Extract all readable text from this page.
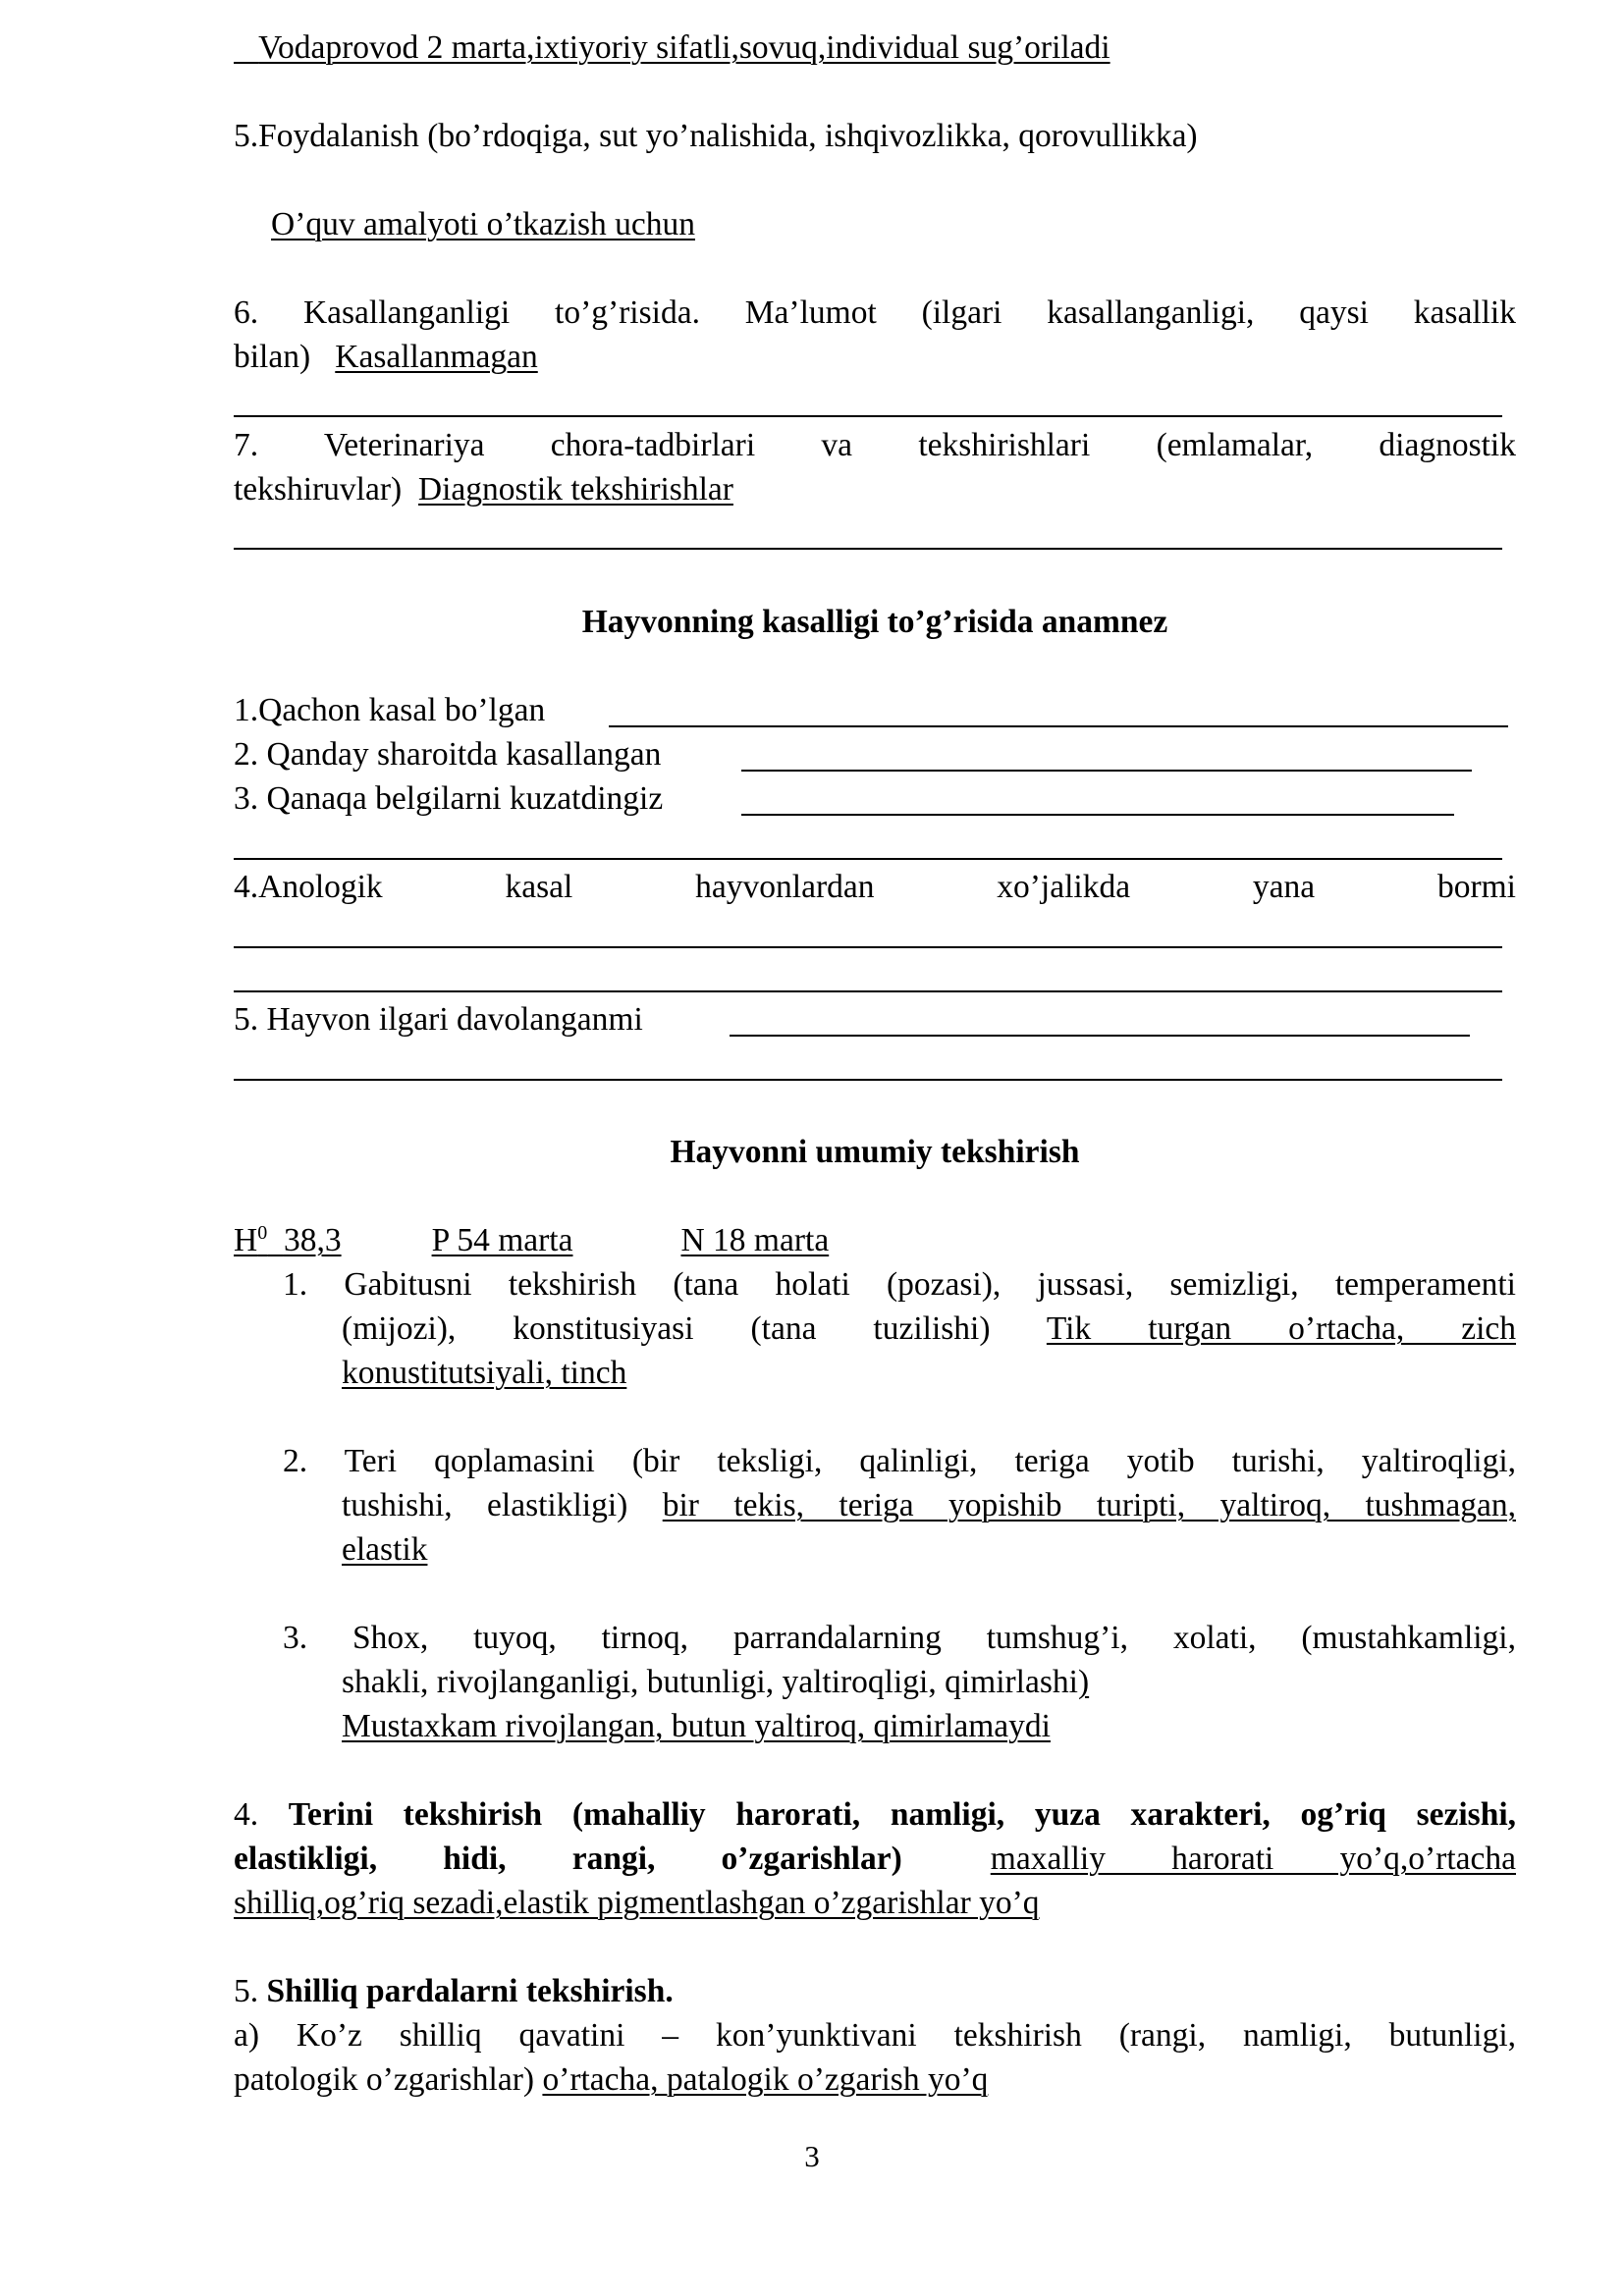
Vodaprovod 2 marta,ixtiyoriy sifatli,sovuq,individual sug’oriladi
5.Foydalanish (bo’rdoqiga, sut yo’nalishida, ishqivozlikka, qorovullikka)
O’quv amalyoti o’tkazish uchun
6. Kasallanganligi to’g’risida. Ma’lumot (ilgari kasallanganligi, qaysi kasallik
bilan) Kasallanmagan
7. Veterinariya chora-tadbirlari va tekshirishlari (emlamalar, diagnostik
tekshiruvlar) Diagnostik tekshirishlar
Hayvonning kasalligi to’g’risida anamnez
1.Qachon kasal bo’lgan
2. Qanday sharoitda kasallangan
3. Qanaqa belgilarni kuzatdingiz
4.Anologik kasal hayvonlardan xo’jalikda yana bormi
5. Hayvon ilgari davolanganmi
Hayvonni umumiy tekshirish
$H^0$ 38,3	P 54 marta	N 18 marta
1. Gabitusni tekshirish (tana holati (pozasi), jussasi, semizligi, temperamenti
(mijozi), konstitusiyasi (tana tuzilishi) Tik turgan o’rtacha, zich
konustitutsiyali, tinch
2. Teri qoplamasini (bir teksligi, qalinligi, teriga yotib turishi, yaltiroqligi,
tushishi, elastikligi) bir tekis, teriga yopishib turipti, yaltiroq, tushmagan,
elastik
3. Shox, tuyoq, tirnoq, parrandalarning tumshug’i, xolati, (mustahkamligi,
shakli, rivojlanganligi, butunligi, yaltiroqligi, qimirlashi)
Mustaxkam rivojlangan, butun yaltiroq, qimirlamaydi
4. Terini tekshirish (mahalliy harorati, namligi, yuza xarakteri, og’riq sezishi,
elastikligi, hidi, rangi, o’zgarishlar)	maxalliy harorati yo’q,o’rtacha
shilliq,og’riq sezadi,elastik pigmentlashgan o’zgarishlar yo’q
5. Shilliq pardalarni tekshirish.
a) Ko’z shilliq qavatini – kon’yunktivani tekshirish (rangi, namligi, butunligi,
patologik o’zgarishlar) o’rtacha, patalogik o’zgarish yo’q
3
